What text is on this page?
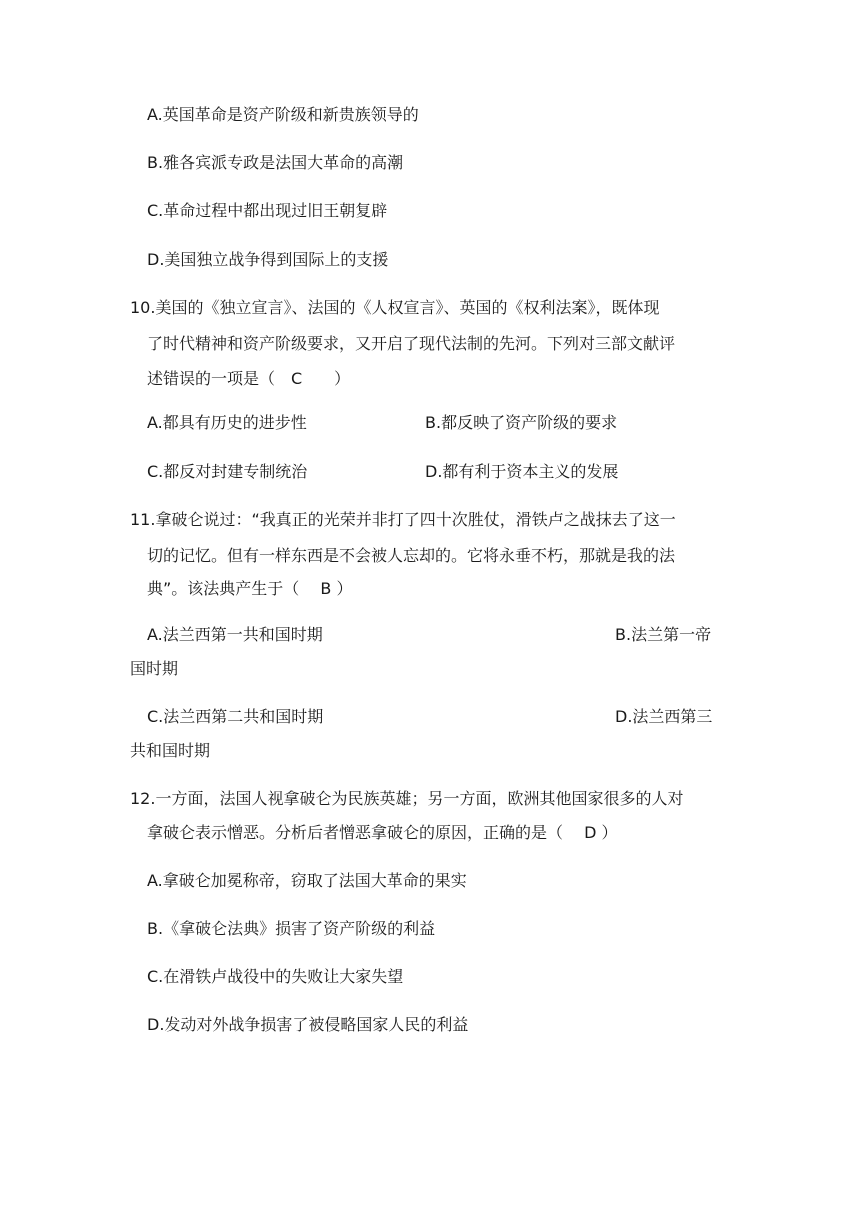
A.英国革命是资产阶级和新贵族领导的
B.雅各宾派专政是法国大革命的高潮
C.革命过程中都出现过旧王朝复辟
D.美国独立战争得到国际上的支援
10.美国的《独立宣言》、法国的《人权宣言》、英国的《权利法案》，既体现
了时代精神和资产阶级要求，又开启了现代法制的先河。下列对三部文献评
述错误的一项是（　C　　）
A.都具有历史的进步性	B.都反映了资产阶级的要求
C.都反对封建专制统治	D.都有利于资本主义的发展
11.拿破仑说过：“我真正的光荣并非打了四十次胜仗，滑铁卢之战抹去了这一
切的记忆。但有一样东西是不会被人忘却的。它将永垂不朽，那就是我的法
典”。该法典产生于（　 B ）
A.法兰西第一共和国时期	B.法兰第一帝
国时期
C.法兰西第二共和国时期	D.法兰西第三
共和国时期
12.一方面，法国人视拿破仑为民族英雄；另一方面，欧洲其他国家很多的人对
拿破仑表示憎恶。分析后者憎恶拿破仑的原因，正确的是（　 D ）
A.拿破仑加冕称帝，窃取了法国大革命的果实
B.《拿破仑法典》损害了资产阶级的利益
C.在滑铁卢战役中的失败让大家失望
D.发动对外战争损害了被侵略国家人民的利益
